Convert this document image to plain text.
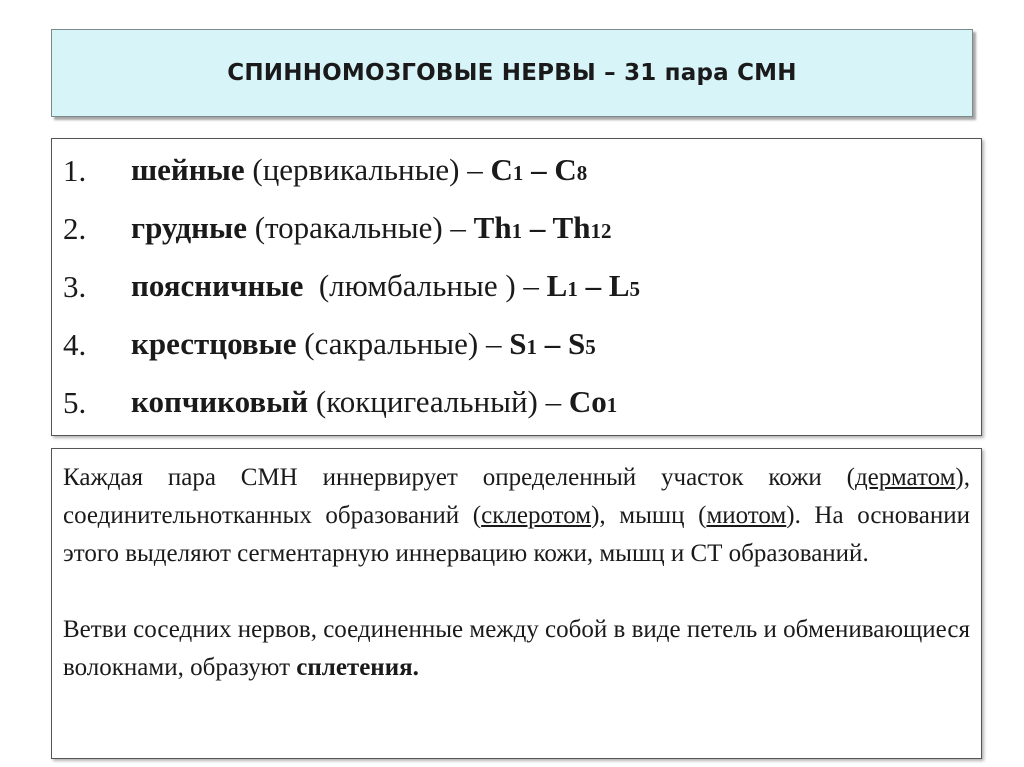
СПИННОМОЗГОВЫЕ НЕРВЫ – 31 пара СМН
1.	шейные (цервикальные) – C1 – C8
2.	грудные (торакальные) – Th1 – Th12
3.	поясничные  (люмбальные ) – L1 – L5
4.	крестцовые (сакральные) – S1 – S5
5.	копчиковый (кокцигеальный) – Co1

Каждая пара СМН иннервирует определенный участок кожи (дерматом), соединительнотканных образований (склеротом), мышц (миотом). На основании этого выделяют сегментарную иннервацию кожи, мышц и СТ образований.

Ветви соседних нервов, соединенные между собой в виде петель и обменивающиеся волокнами, образуют сплетения.
